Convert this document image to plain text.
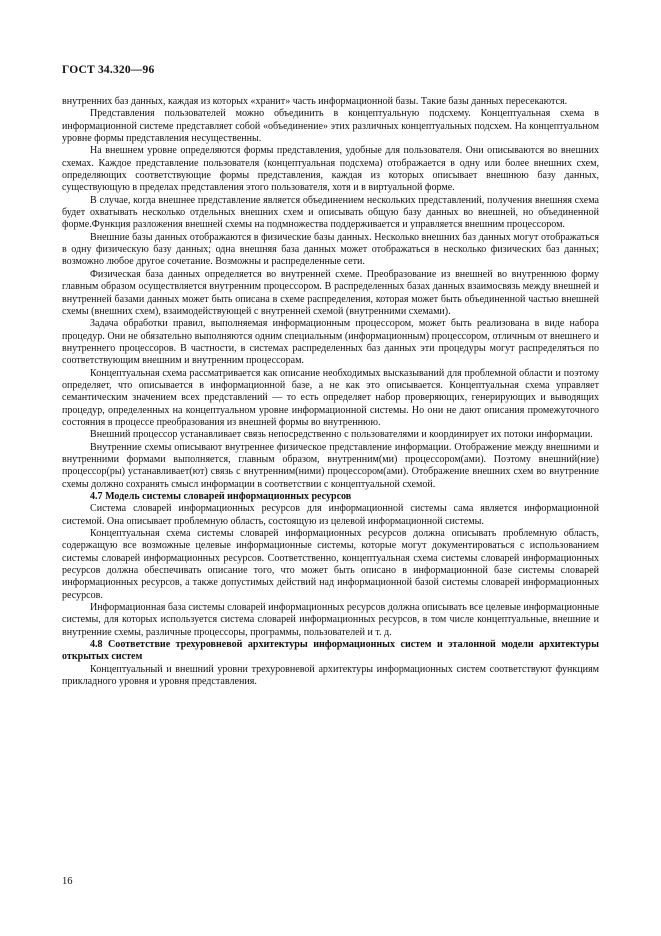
ГОСТ 34.320—96

внутренних баз данных, каждая из которых «хранит» часть информационной базы. Такие базы данных пересекаются.

Представления пользователей можно объединить в концептуальную подсхему. Концептуальная схема в информационной системе представляет собой «объединение» этих различных концептуальных подсхем. На концептуальном уровне формы представления несущественны.

На внешнем уровне определяются формы представления, удобные для пользователя. Они описываются во внешних схемах. Каждое представление пользователя (концептуальная подсхема) отображается в одну или более внешних схем, определяющих соответствующие формы представления, каждая из которых описывает внешнюю базу данных, существующую в пределах представления этого пользователя, хотя и в виртуальной форме.

В случае, когда внешнее представление является объединением нескольких представлений, получения внешняя схема будет охватывать несколько отдельных внешних схем и описывать общую базу данных во внешней, но объединенной форме.Функция разложения внешней схемы на подмножества поддерживается и управляется внешним процессором.

Внешние базы данных отображаются в физические базы данных. Несколько внешних баз данных могут отображаться в одну физическую базу данных; одна внешняя база данных может отображаться в несколько физических баз данных; возможно любое другое сочетание. Возможны и распределенные сети.

Физическая база данных определяется во внутренней схеме. Преобразование из внешней во внутреннюю форму главным образом осуществляется внутренним процессором. В распределенных базах данных взаимосвязь между внешней и внутренней базами данных может быть описана в схеме распределения, которая может быть объединенной частью внешней схемы (внешних схем), взаимодействующей с внутренней схемой (внутренними схемами).

Задача обработки правил, выполняемая информационным процессором, может быть реализована в виде набора процедур. Они не обязательно выполняются одним специальным (информационным) процессором, отличным от внешнего и внутреннего процессоров. В частности, в системах распределенных баз данных эти процедуры могут распределяться по соответствующим внешним и внутренним процессорам.

Концептуальная схема рассматривается как описание необходимых высказываний для проблемной области и поэтому определяет, что описывается в информационной базе, а не как это описывается. Концептуальная схема управляет семантическим значением всех представлений — то есть определяет набор проверяющих, генерирующих и выводящих процедур, определенных на концептуальном уровне информационной системы. Но они не дают описания промежуточного состояния в процессе преобразования из внешней формы во внутреннюю.

Внешний процессор устанавливает связь непосредственно с пользователями и координирует их потоки информации.

Внутренние схемы описывают внутреннее физическое представление информации. Отображение между внешними и внутренними формами выполняется, главным образом, внутренним(ми) процессором(ами). Поэтому внешний(ние) процессор(ры) устанавливает(ют) связь с внутренним(ними) процессором(ами). Отображение внешних схем во внутренние схемы должно сохранять смысл информации в соответствии с концептуальной схемой.

4.7 Модель системы словарей информационных ресурсов

Система словарей информационных ресурсов для информационной системы сама является информационной системой. Она описывает проблемную область, состоящую из целевой информационной системы.

Концептуальная схема системы словарей информационных ресурсов должна описывать проблемную область, содержащую все возможные целевые информационные системы, которые могут документироваться с использованием системы словарей информационных ресурсов. Соответственно, концептуальная схема системы словарей информационных ресурсов должна обеспечивать описание того, что может быть описано в информационной базе системы словарей информационных ресурсов, а также допустимых действий над информационной базой системы словарей информационных ресурсов.

Информационная база системы словарей информационных ресурсов должна описывать все целевые информационные системы, для которых используется система словарей информационных ресурсов, в том числе концептуальные, внешние и внутренние схемы, различные процессоры, программы, пользователей и т. д.

4.8 Соответствие трехуровневой архитектуры информационных систем и эталонной модели архитектуры открытых систем

Концептуальный и внешний уровни трехуровневой архитектуры информационных систем соответствуют функциям прикладного уровня и уровня представления.

16
